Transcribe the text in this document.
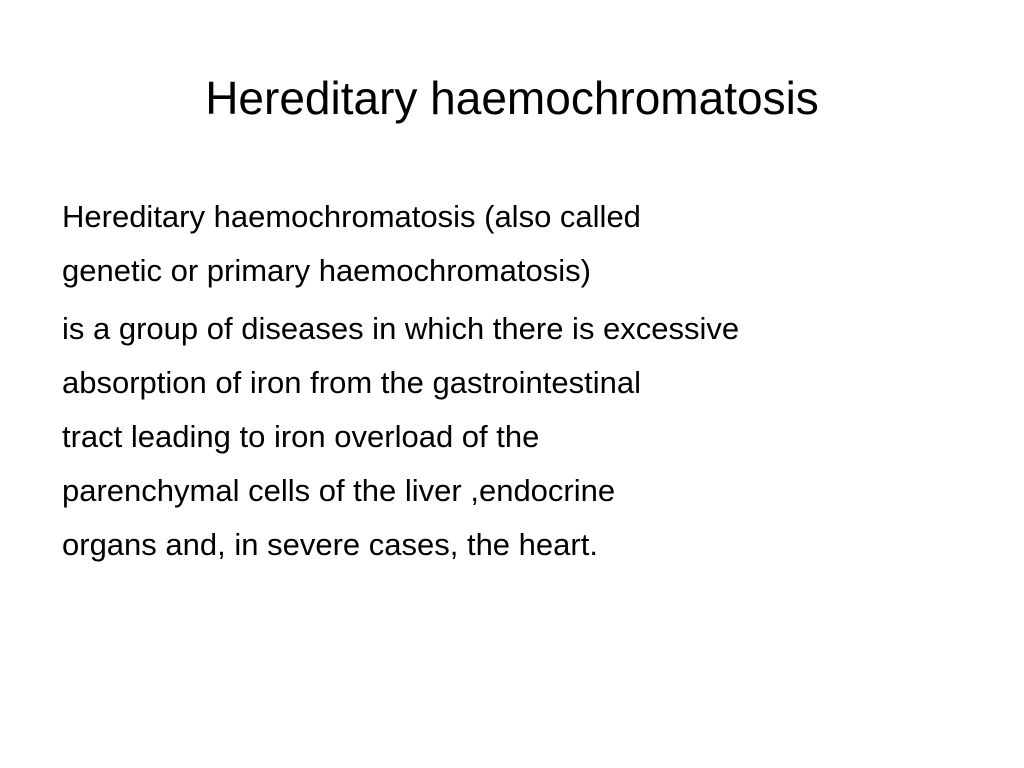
Hereditary haemochromatosis

Hereditary haemochromatosis (also called
genetic or primary haemochromatosis)

is a group of diseases in which there is excessive
absorption of iron from the gastrointestinal
tract leading to iron overload of the
parenchymal cells of the liver ,endocrine
organs and, in severe cases, the heart.
